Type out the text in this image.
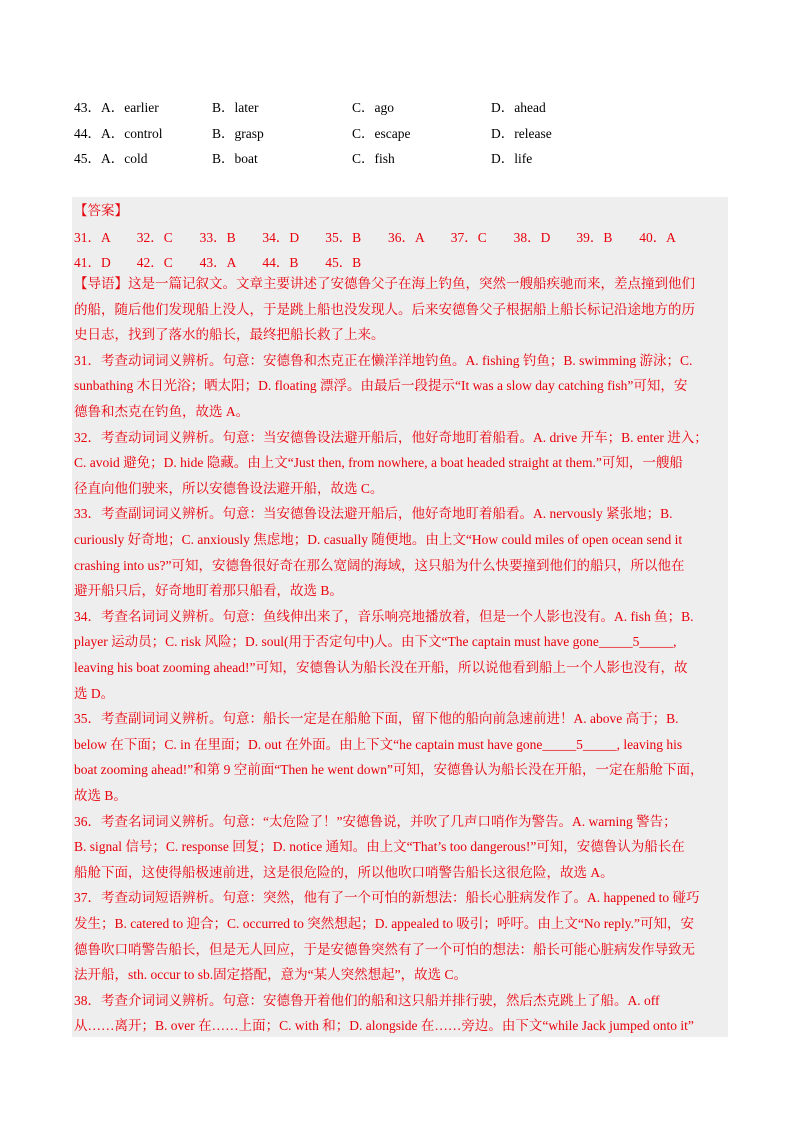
43．A．earlier	B．later	C．ago	D．ahead
44．A．control	B．grasp	C．escape	D．release
45．A．cold	B．boat	C．fish	D．life
【答案】
31．A 32．C 33．B 34．D 35．B 36．A 37．C 38．D 39．B 40．A
41．D 42．C 43．A 44．B 45．B
【导语】这是一篇记叙文。文章主要讲述了安德鲁父子在海上钓鱼，突然一艘船疾驰而来，差点撞到他们
的船，随后他们发现船上没人，于是跳上船也没发现人。后来安德鲁父子根据船上船长标记沿途地方的历
史日志，找到了落水的船长，最终把船长救了上来。
31．考查动词词义辨析。句意：安德鲁和杰克正在懒洋洋地钓鱼。A. fishing 钓鱼；B. swimming 游泳；C.
sunbathing 木日光浴；晒太阳；D. floating 漂浮。由最后一段提示“It was a slow day catching fish”可知，安
德鲁和杰克在钓鱼，故选 A。
32．考查动词词义辨析。句意：当安德鲁设法避开船后，他好奇地盯着船看。A. drive 开车；B. enter 进入；
C. avoid 避免；D. hide 隐藏。由上文“Just then, from nowhere, a boat headed straight at them.”可知，一艘船
径直向他们驶来，所以安德鲁设法避开船，故选 C。
33．考查副词词义辨析。句意：当安德鲁设法避开船后，他好奇地盯着船看。A. nervously 紧张地；B.
curiously 好奇地；C. anxiously 焦虑地；D. casually 随便地。由上文“How could miles of open ocean send it
crashing into us?”可知，安德鲁很好奇在那么宽阔的海域，这只船为什么快要撞到他们的船只，所以他在
避开船只后，好奇地盯着那只船看，故选 B。
34．考查名词词义辨析。句意：鱼线伸出来了，音乐响亮地播放着，但是一个人影也没有。A. fish 鱼；B.
player 运动员；C. risk 风险；D. soul(用于否定句中)人。由下文“The captain must have gone_____5_____,
leaving his boat zooming ahead!”可知，安德鲁认为船长没在开船，所以说他看到船上一个人影也没有，故
选 D。
35．考查副词词义辨析。句意：船长一定是在船舱下面，留下他的船向前急速前进！A. above 高于；B.
below 在下面；C. in 在里面；D. out 在外面。由上下文“he captain must have gone_____5_____, leaving his
boat zooming ahead!”和第 9 空前面“Then he went down”可知，安德鲁认为船长没在开船，一定在船舱下面，
故选 B。
36．考查名词词义辨析。句意：“太危险了！”安德鲁说，并吹了几声口哨作为警告。A. warning 警告；
B. signal 信号；C. response 回复；D. notice 通知。由上文“That’s too dangerous!”可知，安德鲁认为船长在
船舱下面，这使得船极速前进，这是很危险的，所以他吹口哨警告船长这很危险，故选 A。
37．考查动词短语辨析。句意：突然，他有了一个可怕的新想法：船长心脏病发作了。A. happened to 碰巧
发生；B. catered to 迎合；C. occurred to 突然想起；D. appealed to 吸引；呼吁。由上文“No reply.”可知，安
德鲁吹口哨警告船长，但是无人回应，于是安德鲁突然有了一个可怕的想法：船长可能心脏病发作导致无
法开船，sth. occur to sb.固定搭配，意为“某人突然想起”，故选 C。
38．考查介词词义辨析。句意：安德鲁开着他们的船和这只船并排行驶，然后杰克跳上了船。A. off
从……离开；B. over 在……上面；C. with 和；D. alongside 在……旁边。由下文“while Jack jumped onto it”
